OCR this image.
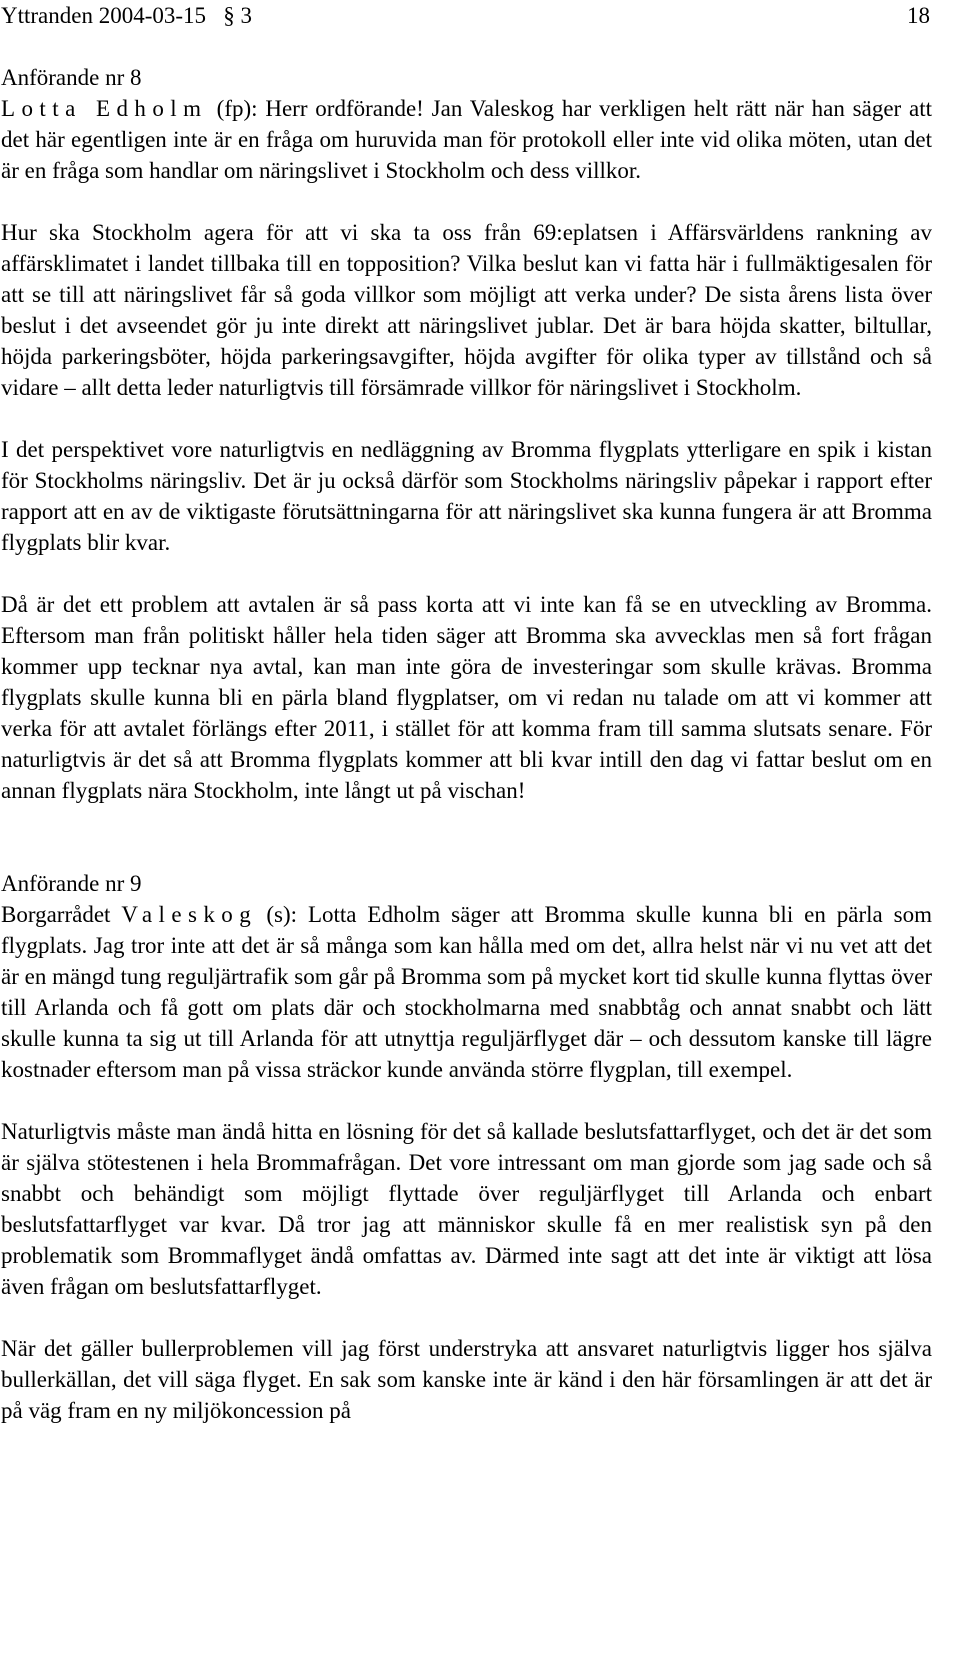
Yttranden 2004-03-15 § 3	18
Anförande nr 8

Lotta Edholm (fp): Herr ordförande! Jan Valeskog har verkligen helt rätt när han säger att det här egentligen inte är en fråga om huruvida man för protokoll eller inte vid olika möten, utan det är en fråga som handlar om näringslivet i Stockholm och dess villkor.

Hur ska Stockholm agera för att vi ska ta oss från 69:eplatsen i Affärsvärldens rankning av affärsklimatet i landet tillbaka till en topposition? Vilka beslut kan vi fatta här i fullmäktigesalen för att se till att näringslivet får så goda villkor som möjligt att verka under? De sista årens lista över beslut i det avseendet gör ju inte direkt att näringslivet jublar. Det är bara höjda skatter, biltullar, höjda parkeringsböter, höjda parkeringsavgifter, höjda avgifter för olika typer av tillstånd och så vidare – allt detta leder naturligtvis till försämrade villkor för näringslivet i Stockholm.

I det perspektivet vore naturligtvis en nedläggning av Bromma flygplats ytterligare en spik i kistan för Stockholms näringsliv. Det är ju också därför som Stockholms näringsliv påpekar i rapport efter rapport att en av de viktigaste förutsättningarna för att näringslivet ska kunna fungera är att Bromma flygplats blir kvar.

Då är det ett problem att avtalen är så pass korta att vi inte kan få se en utveckling av Bromma. Eftersom man från politiskt håller hela tiden säger att Bromma ska avvecklas men så fort frågan kommer upp tecknar nya avtal, kan man inte göra de investeringar som skulle krävas. Bromma flygplats skulle kunna bli en pärla bland flygplatser, om vi redan nu talade om att vi kommer att verka för att avtalet förlängs efter 2011, i stället för att komma fram till samma slutsats senare. För naturligtvis är det så att Bromma flygplats kommer att bli kvar intill den dag vi fattar beslut om en annan flygplats nära Stockholm, inte långt ut på vischan!

Anförande nr 9

Borgarrådet Valeskog (s): Lotta Edholm säger att Bromma skulle kunna bli en pärla som flygplats. Jag tror inte att det är så många som kan hålla med om det, allra helst när vi nu vet att det är en mängd tung reguljärtrafik som går på Bromma som på mycket kort tid skulle kunna flyttas över till Arlanda och få gott om plats där och stockholmarna med snabbtåg och annat snabbt och lätt skulle kunna ta sig ut till Arlanda för att utnyttja reguljärflyget där – och dessutom kanske till lägre kostnader eftersom man på vissa sträckor kunde använda större flygplan, till exempel.

Naturligtvis måste man ändå hitta en lösning för det så kallade beslutsfattarflyget, och det är det som är själva stötestenen i hela Brommafrågan. Det vore intressant om man gjorde som jag sade och så snabbt och behändigt som möjligt flyttade över reguljärflyget till Arlanda och enbart beslutsfattarflyget var kvar. Då tror jag att människor skulle få en mer realistisk syn på den problematik som Brommaflyget ändå omfattas av. Därmed inte sagt att det inte är viktigt att lösa även frågan om beslutsfattarflyget.

När det gäller bullerproblemen vill jag först understryka att ansvaret naturligtvis ligger hos själva bullerkällan, det vill säga flyget. En sak som kanske inte är känd i den här församlingen är att det är på väg fram en ny miljökoncession på
